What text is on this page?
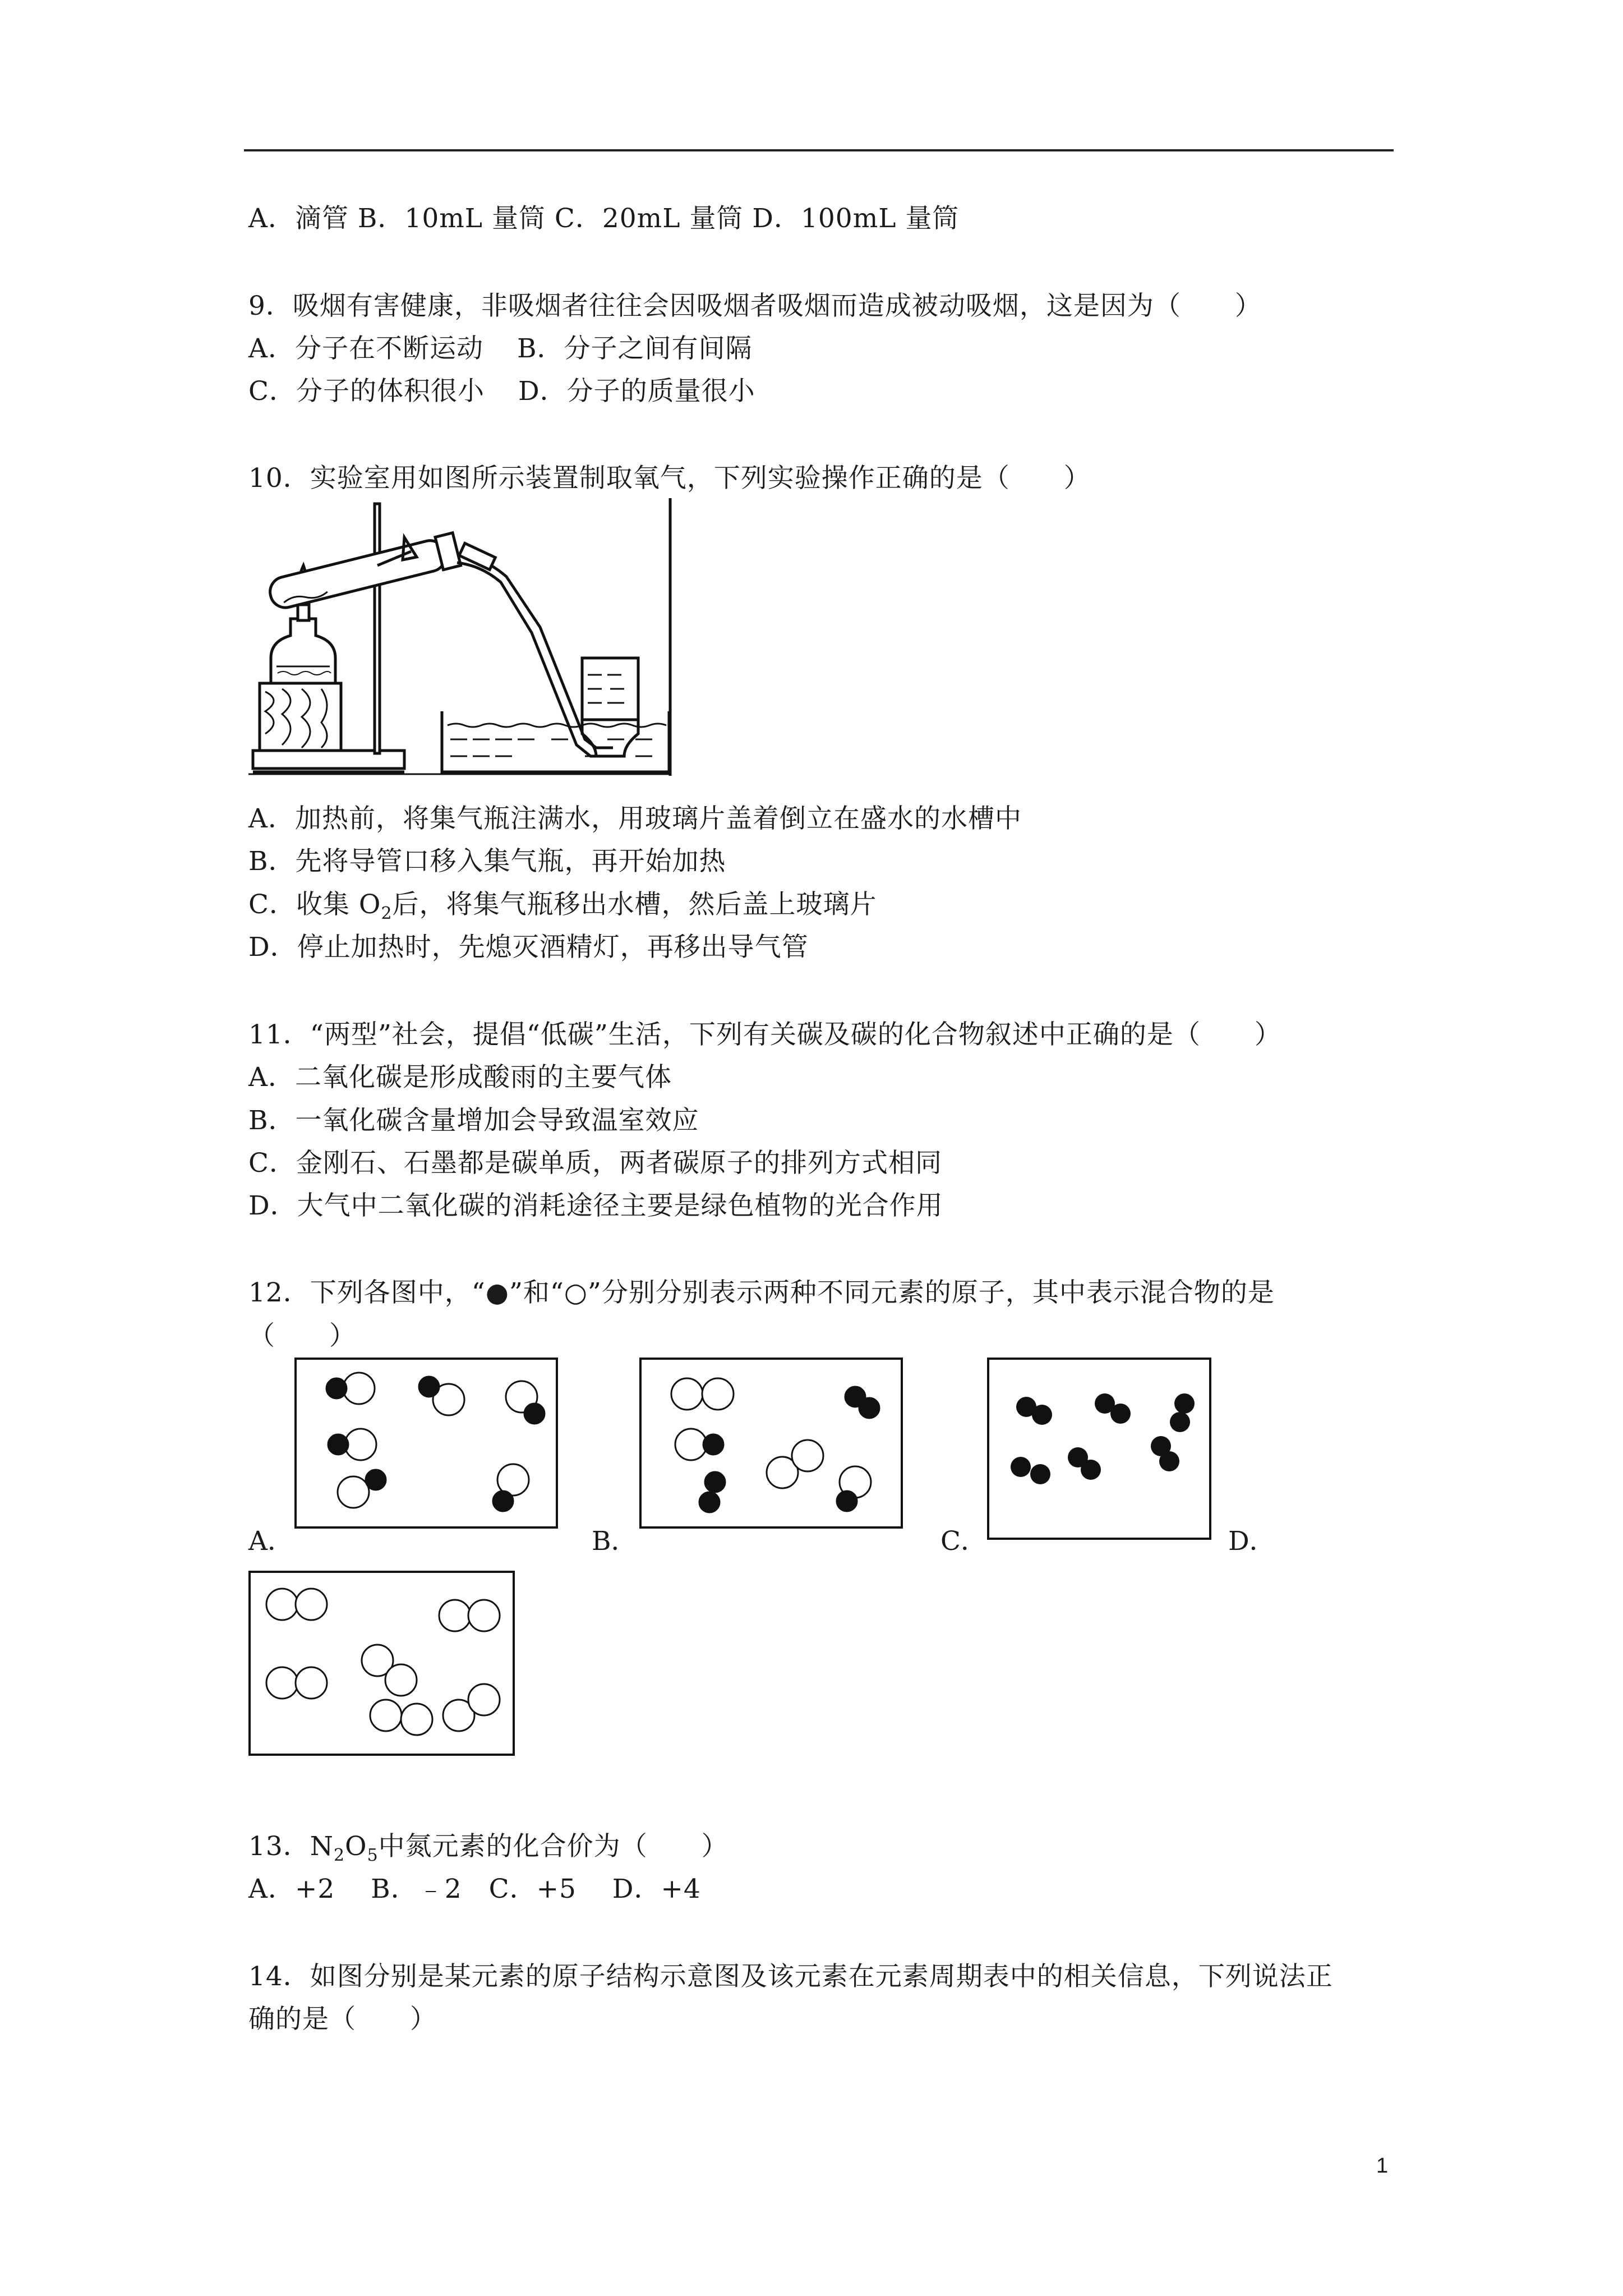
A．滴管 B．10mL 量筒 C．20mL 量筒 D．100mL 量筒
9．吸烟有害健康，非吸烟者往往会因吸烟者吸烟而造成被动吸烟，这是因为（　　）
A．分子在不断运动 B．分子之间有间隔
C．分子的体积很小 D．分子的质量很小
10．实验室用如图所示装置制取氧气，下列实验操作正确的是（　　）
A．加热前，将集气瓶注满水，用玻璃片盖着倒立在盛水的水槽中
B．先将导管口移入集气瓶，再开始加热
C．收集 $O_2$后，将集气瓶移出水槽，然后盖上玻璃片
D．停止加热时，先熄灭酒精灯，再移出导气管
11．“两型”社会，提倡“低碳”生活，下列有关碳及碳的化合物叙述中正确的是（　　）
A．二氧化碳是形成酸雨的主要气体
B．一氧化碳含量增加会导致温室效应
C．金刚石、石墨都是碳单质，两者碳原子的排列方式相同
D．大气中二氧化碳的消耗途径主要是绿色植物的光合作用
12．下列各图中，“●”和“○”分别分别表示两种不同元素的原子，其中表示混合物的是
（　　）
A．	B．	C．	D．
13．$N_2O_5$中氮元素的化合价为（　　）
A．+2　 B．﹣2　C．+5　 D．+4
14．如图分别是某元素的原子结构示意图及该元素在元素周期表中的相关信息，下列说法正
确的是（　　）
1
